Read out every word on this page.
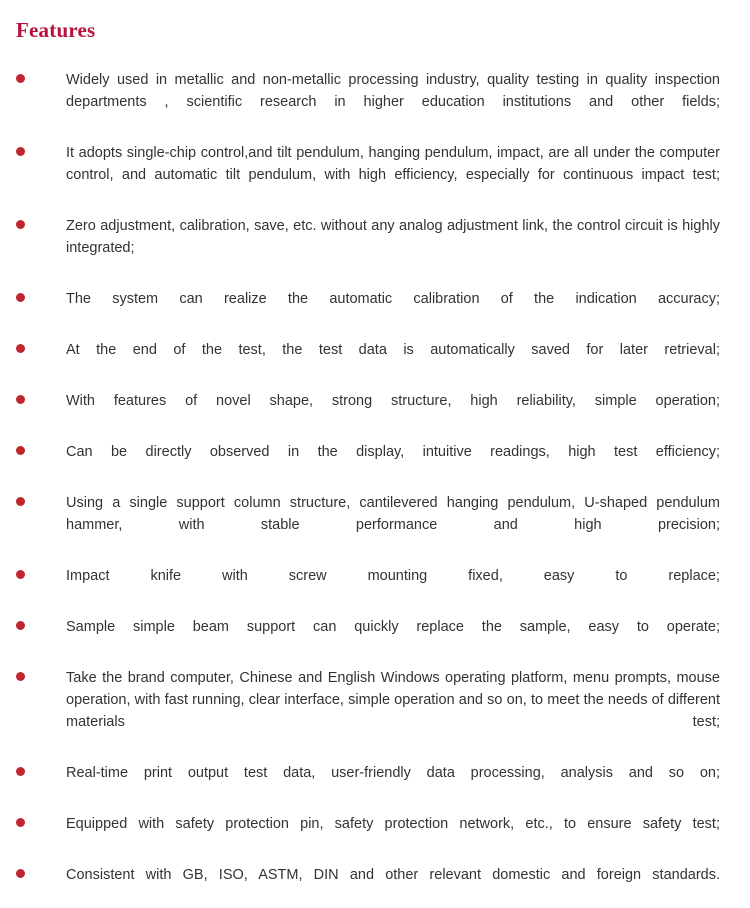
Features
Widely used in metallic and non-metallic processing industry, quality testing in quality inspection departments , scientific research in higher education institutions and other fields;
It adopts single-chip control,and tilt pendulum, hanging pendulum, impact, are all under the computer control, and automatic tilt pendulum, with high efficiency, especially for continuous impact test;
Zero adjustment, calibration, save, etc. without any analog adjustment link, the control circuit is highly integrated;
The system can realize the automatic calibration of the indication accuracy;
At the end of the test, the test data is automatically saved for later retrieval;
With features of novel shape, strong structure, high reliability, simple operation;
Can be directly observed in the display, intuitive readings, high test efficiency;
Using a single support column structure, cantilevered hanging pendulum, U-shaped pendulum hammer, with stable performance and high precision;
Impact knife with screw mounting fixed, easy to replace;
Sample simple beam support can quickly replace the sample, easy to operate;
Take the brand computer, Chinese and English Windows operating platform, menu prompts, mouse operation, with fast running, clear interface, simple operation and so on, to meet the needs of different materials test;
Real-time print output test data, user-friendly data processing, analysis and so on;
Equipped with safety protection pin, safety protection network, etc., to ensure safety test;
Consistent with GB, ISO, ASTM, DIN and other relevant domestic and foreign standards.
